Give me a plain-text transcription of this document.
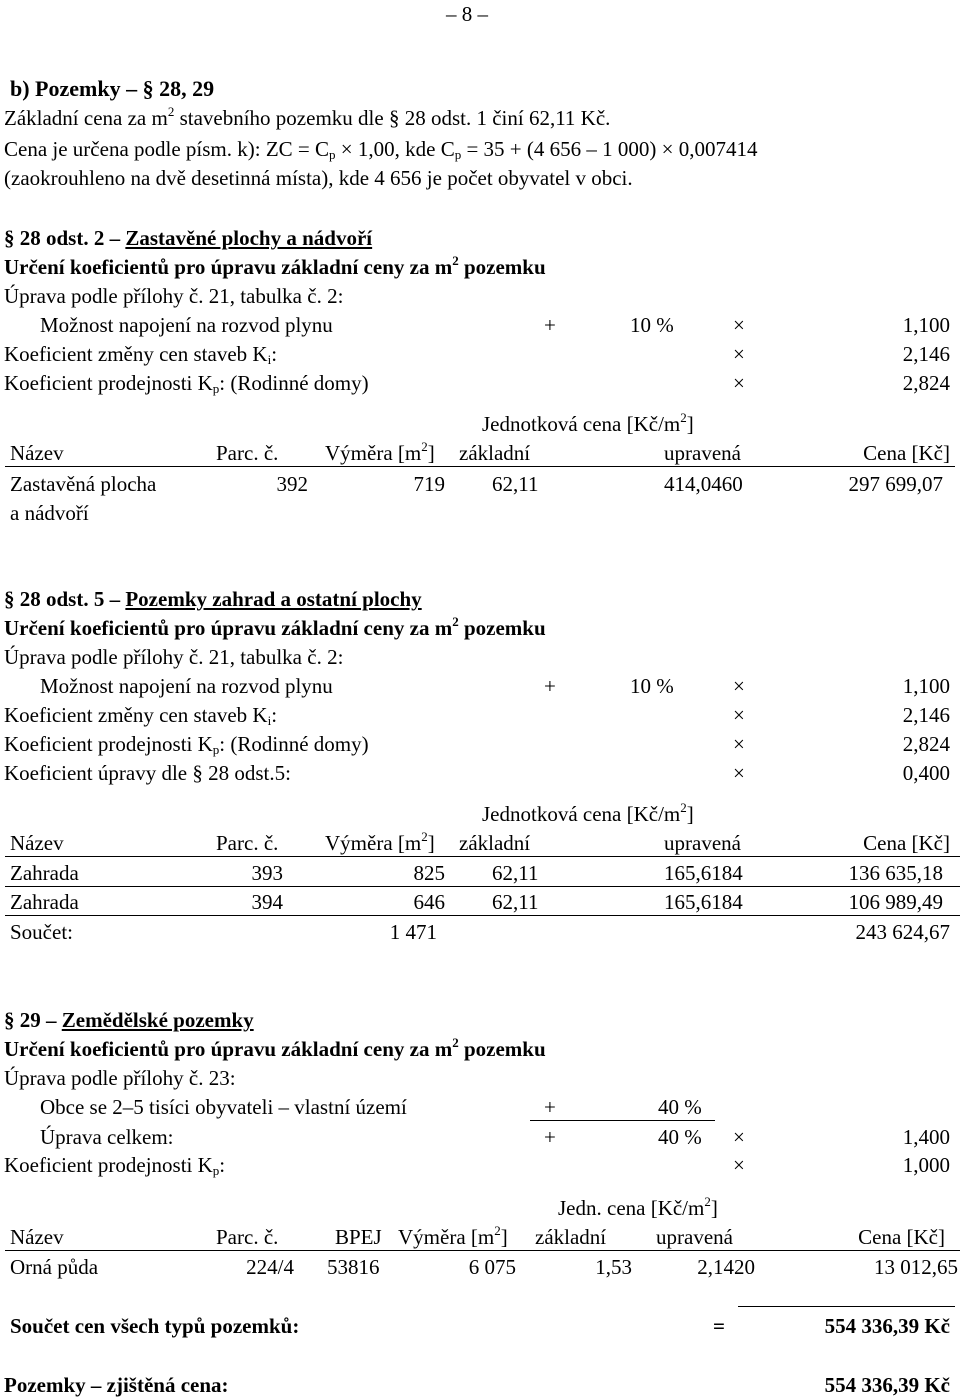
– 8 –
b) Pozemky – § 28, 29
Základní cena za $m^2$ stavebního pozemku dle § 28 odst. 1 činí 62,11 Kč.
Cena je určena podle písm. k): ZC = $C_p \times 1,00$, kde $C_p = 35 + (4$ 656 – 1 000) × 0,007414
(zaokrouhleno na dvě desetinná místa), kde 4 656 je počet obyvatel v obci.
§ 28 odst. 2 – Zastavěné plochy a nádvoří
Určení koeficientů pro úpravu základní ceny za $m^2$ pozemku
Úprava podle přílohy č. 21, tabulka č. 2:
Možnost napojení na rozvod plynu	+	10 %	×	1,100
Koeficient změny cen staveb $K_i$:	×	2,146
Koeficient prodejnosti $K_p$: (Rodinné domy)	×	2,824
Jednotková cena $[Kč/m^2]$
Název	Parc. č. Výměra $[m^2]$ základní	upravená	Cena [Kč]
Zastavěná plocha
a nádvoří
392	719 62,11	414,0460	297 699,07
§ 28 odst. 5 – Pozemky zahrad a ostatní plochy
Určení koeficientů pro úpravu základní ceny za $m^2$ pozemku
Úprava podle přílohy č. 21, tabulka č. 2:
Možnost napojení na rozvod plynu	+	10 %	×	1,100
Koeficient změny cen staveb $K_i$:	×	2,146
Koeficient prodejnosti $K_p$: (Rodinné domy)	×	2,824
Koeficient úpravy dle § 28 odst.5:	×	0,400
Jednotková cena $[Kč/m^2]$
Název	Parc. č. Výměra $[m^2]$ základní	upravená	Cena [Kč]
Zahrada	393	825 62,11	165,6184	136 635,18
Zahrada	394	646 62,11	165,6184	106 989,49
Součet:	1 471	243 624,67
§ 29 – Zemědělské pozemky
Určení koeficientů pro úpravu základní ceny za $m^2$ pozemku
Úprava podle přílohy č. 23:
Obce se 2–5 tisíci obyvateli – vlastní území	+	40 %
Úprava celkem:	+	40 % ×	1,400
Koeficient prodejnosti $K_p$:	×	1,000
Jedn. cena $[Kč/m^2]$
Název	Parc. č.	BPEJ Výměra $[m^2]$ základní upravená	Cena [Kč]
Orná půda	224/4 53816	6 075	1,53	2,1420	13 012,65
Součet cen všech typů pozemků:	=	554 336,39 Kč
Pozemky – zjištěná cena:	554 336,39 Kč
